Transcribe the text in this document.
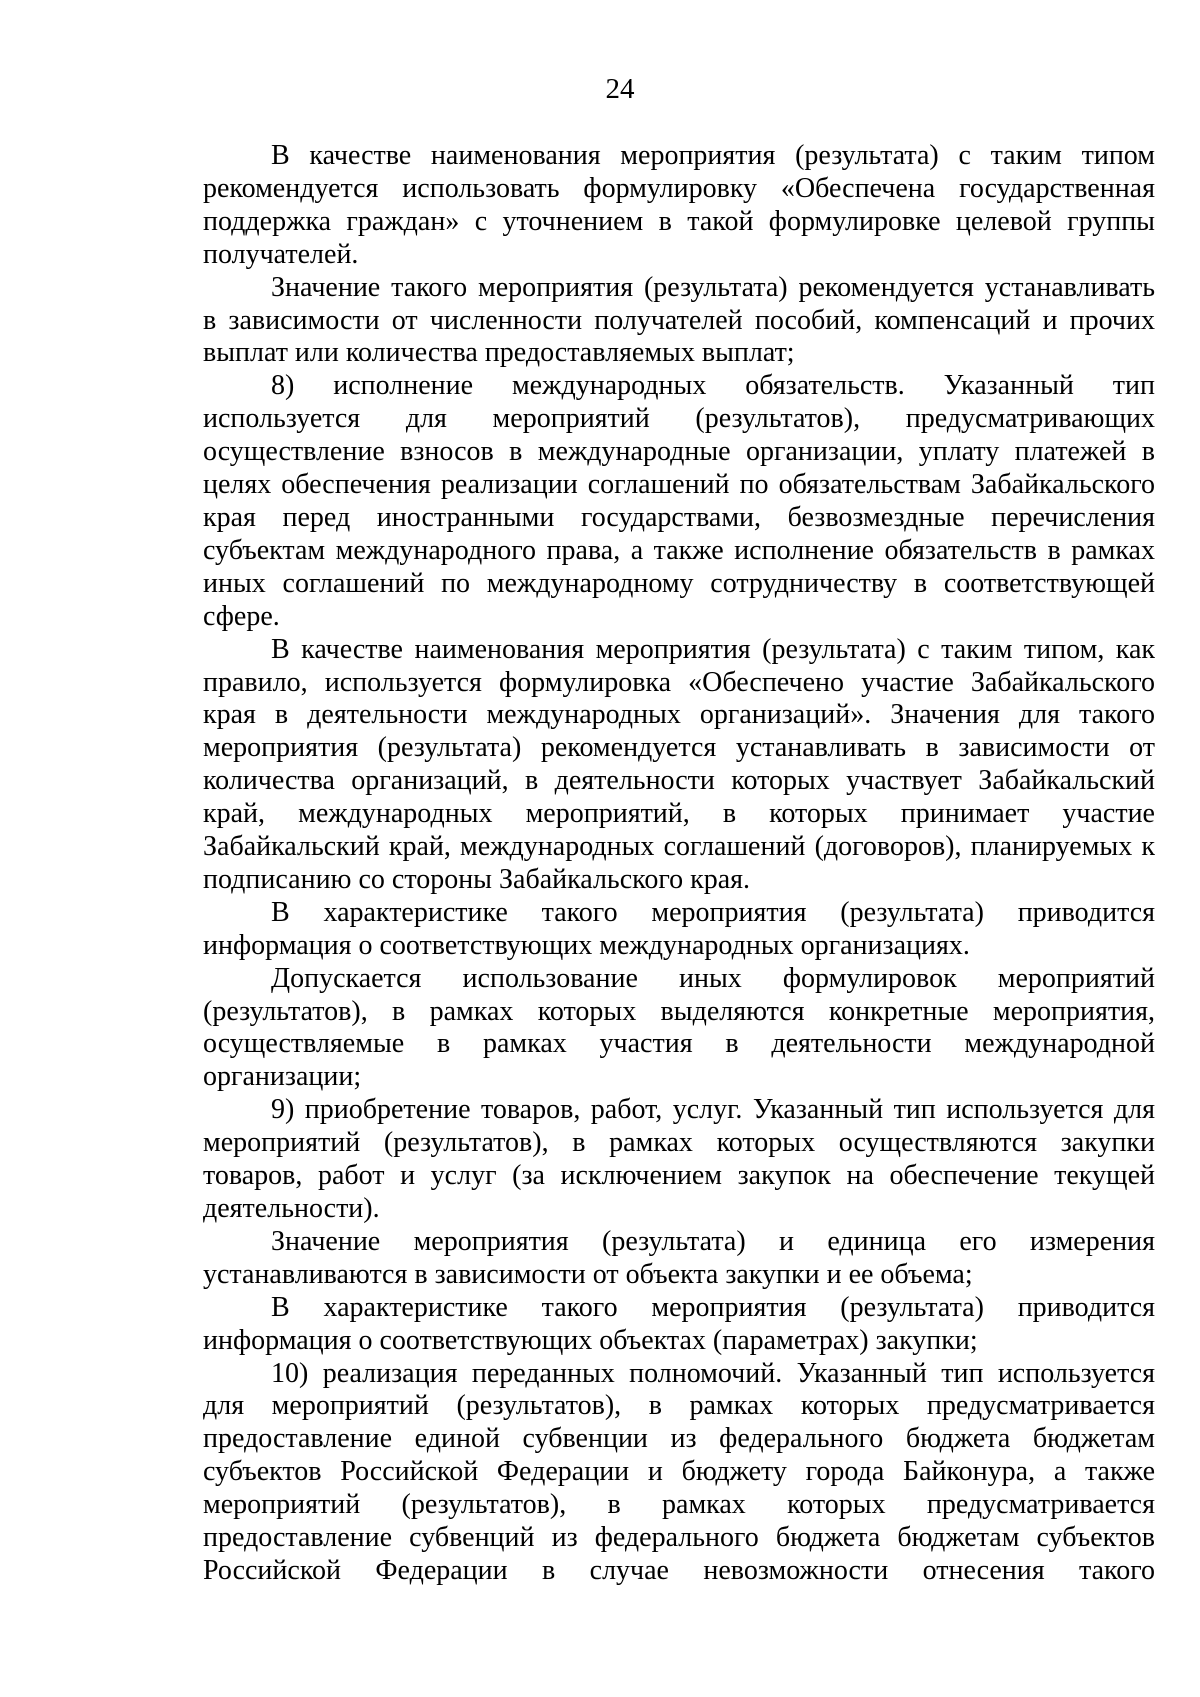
24

В качестве наименования мероприятия (результата) с таким типом рекомендуется использовать формулировку «Обеспечена государственная поддержка граждан» с уточнением в такой формулировке целевой группы получателей.

Значение такого мероприятия (результата) рекомендуется устанавливать в зависимости от численности получателей пособий, компенсаций и прочих выплат или количества предоставляемых выплат;

8) исполнение международных обязательств. Указанный тип используется для мероприятий (результатов), предусматривающих осуществление взносов в международные организации, уплату платежей в целях обеспечения реализации соглашений по обязательствам Забайкальского края перед иностранными государствами, безвозмездные перечисления субъектам международного права, а также исполнение обязательств в рамках иных соглашений по международному сотрудничеству в соответствующей сфере.

В качестве наименования мероприятия (результата) с таким типом, как правило, используется формулировка «Обеспечено участие Забайкальского края в деятельности международных организаций». Значения для такого мероприятия (результата) рекомендуется устанавливать в зависимости от количества организаций, в деятельности которых участвует Забайкальский край, международных мероприятий, в которых принимает участие Забайкальский край, международных соглашений (договоров), планируемых к подписанию со стороны Забайкальского края.

В характеристике такого мероприятия (результата) приводится информация о соответствующих международных организациях.

Допускается использование иных формулировок мероприятий (результатов), в рамках которых выделяются конкретные мероприятия, осуществляемые в рамках участия в деятельности международной организации;

9) приобретение товаров, работ, услуг. Указанный тип используется для мероприятий (результатов), в рамках которых осуществляются закупки товаров, работ и услуг (за исключением закупок на обеспечение текущей деятельности).

Значение мероприятия (результата) и единица его измерения устанавливаются в зависимости от объекта закупки и ее объема;

В характеристике такого мероприятия (результата) приводится информация о соответствующих объектах (параметрах) закупки;

10) реализация переданных полномочий. Указанный тип используется для мероприятий (результатов), в рамках которых предусматривается предоставление единой субвенции из федерального бюджета бюджетам субъектов Российской Федерации и бюджету города Байконура, а также мероприятий (результатов), в рамках которых предусматривается предоставление субвенций из федерального бюджета бюджетам субъектов Российской Федерации в случае невозможности отнесения такого
